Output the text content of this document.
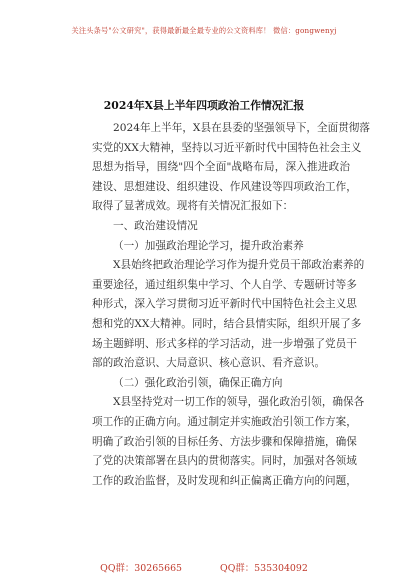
关注头条号"公文研究"，获得最新最全最专业的公文资料库！ 微信：gongwenyj
2024年X县上半年四项政治工作情况汇报
2024年上半年，X县在县委的坚强领导下，全面贯彻落
实党的XX大精神，坚持以习近平新时代中国特色社会主义
思想为指导，围绕"四个全面"战略布局，深入推进政治
建设、思想建设、组织建设、作风建设等四项政治工作，
取得了显著成效。现将有关情况汇报如下：
一、政治建设情况
（一）加强政治理论学习，提升政治素养
X县始终把政治理论学习作为提升党员干部政治素养的
重要途径，通过组织集中学习、个人自学、专题研讨等多
种形式，深入学习贯彻习近平新时代中国特色社会主义思
想和党的XX大精神。同时，结合县情实际，组织开展了多
场主题鲜明、形式多样的学习活动，进一步增强了党员干
部的政治意识、大局意识、核心意识、看齐意识。
（二）强化政治引领，确保正确方向
X县坚持党对一切工作的领导，强化政治引领，确保各
项工作的正确方向。通过制定并实施政治引领工作方案，
明确了政治引领的目标任务、方法步骤和保障措施，确保
了党的决策部署在县内的贯彻落实。同时，加强对各领域
工作的政治监督，及时发现和纠正偏离正确方向的问题，
QQ群：30265665	QQ群：535304092
